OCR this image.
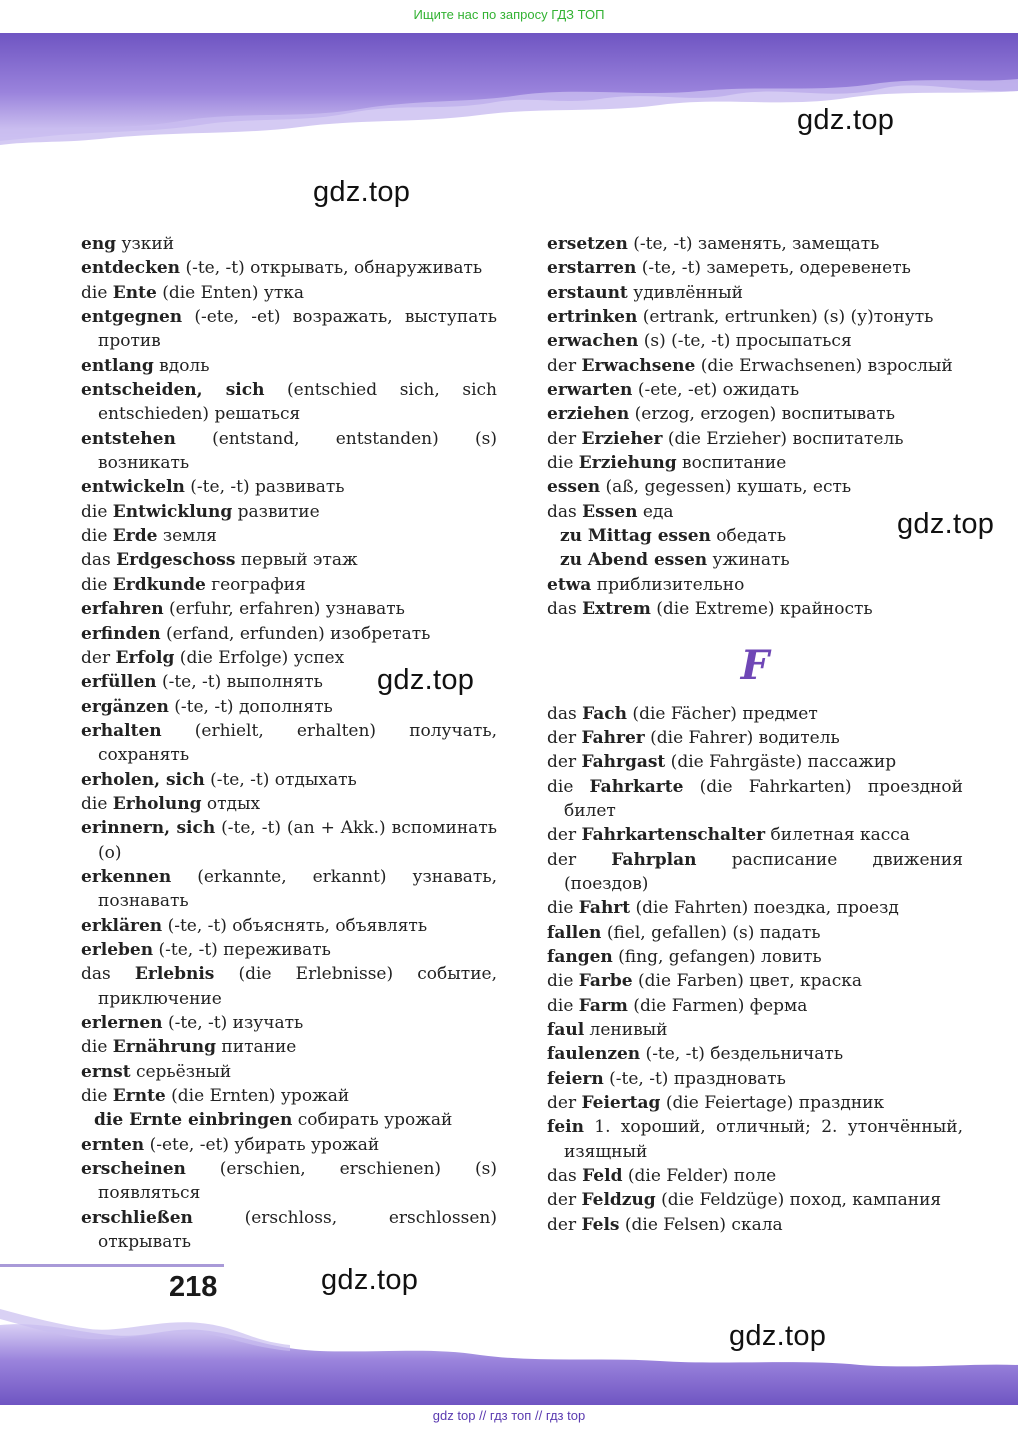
Ищите нас по запросу ГДЗ ТОП
gdz.top
gdz.top
gdz.top
gdz.top
gdz.top
gdz.top
eng узкий
entdecken (-te, -t) открывать, обнаруживать
die Ente (die Enten) утка
entgegnen (-ete, -et) возражать, выступать против
entlang вдоль
entscheiden, sich (entschied sich, sich entschieden) решаться
entstehen (entstand, entstanden) (s) возникать
entwickeln (-te, -t) развивать
die Entwicklung развитие
die Erde земля
das Erdgeschoss первый этаж
die Erdkunde география
erfahren (erfuhr, erfahren) узнавать
erfinden (erfand, erfunden) изобретать
der Erfolg (die Erfolge) успех
erfüllen (-te, -t) выполнять
ergänzen (-te, -t) дополнять
erhalten (erhielt, erhalten) получать, сохранять
erholen, sich (-te, -t) отдыхать
die Erholung отдых
erinnern, sich (-te, -t) (an + Akk.) вспоминать (о)
erkennen (erkannte, erkannt) узнавать, познавать
erklären (-te, -t) объяснять, объявлять
erleben (-te, -t) переживать
das Erlebnis (die Erlebnisse) событие, приключение
erlernen (-te, -t) изучать
die Ernährung питание
ernst серьёзный
die Ernte (die Ernten) урожай
die Ernte einbringen собирать урожай
ernten (-ete, -et) убирать урожай
erscheinen (erschien, erschienen) (s) появляться
erschließen (erschloss, erschlossen) открывать
ersetzen (-te, -t) заменять, замещать
erstarren (-te, -t) замереть, одеревенеть
erstaunt удивлённый
ertrinken (ertrank, ertrunken) (s) (у)тонуть
erwachen (s) (-te, -t) просыпаться
der Erwachsene (die Erwachsenen) взрослый
erwarten (-ete, -et) ожидать
erziehen (erzog, erzogen) воспитывать
der Erzieher (die Erzieher) воспитатель
die Erziehung воспитание
essen (aß, gegessen) кушать, есть
das Essen еда
zu Mittag essen обедать
zu Abend essen ужинать
etwa приблизительно
das Extrem (die Extreme) крайность
F
das Fach (die Fächer) предмет
der Fahrer (die Fahrer) водитель
der Fahrgast (die Fahrgäste) пассажир
die Fahrkarte (die Fahrkarten) проездной билет
der Fahrkartenschalter билетная касса
der Fahrplan расписание движения (поездов)
die Fahrt (die Fahrten) поездка, проезд
fallen (fiel, gefallen) (s) падать
fangen (fing, gefangen) ловить
die Farbe (die Farben) цвет, краска
die Farm (die Farmen) ферма
faul ленивый
faulenzen (-te, -t) бездельничать
feiern (-te, -t) праздновать
der Feiertag (die Feiertage) праздник
fein 1. хороший, отличный; 2. утончённый, изящный
das Feld (die Felder) поле
der Feldzug (die Feldzüge) поход, кампания
der Fels (die Felsen) скала
218
gdz top // гдз топ // гдз top
